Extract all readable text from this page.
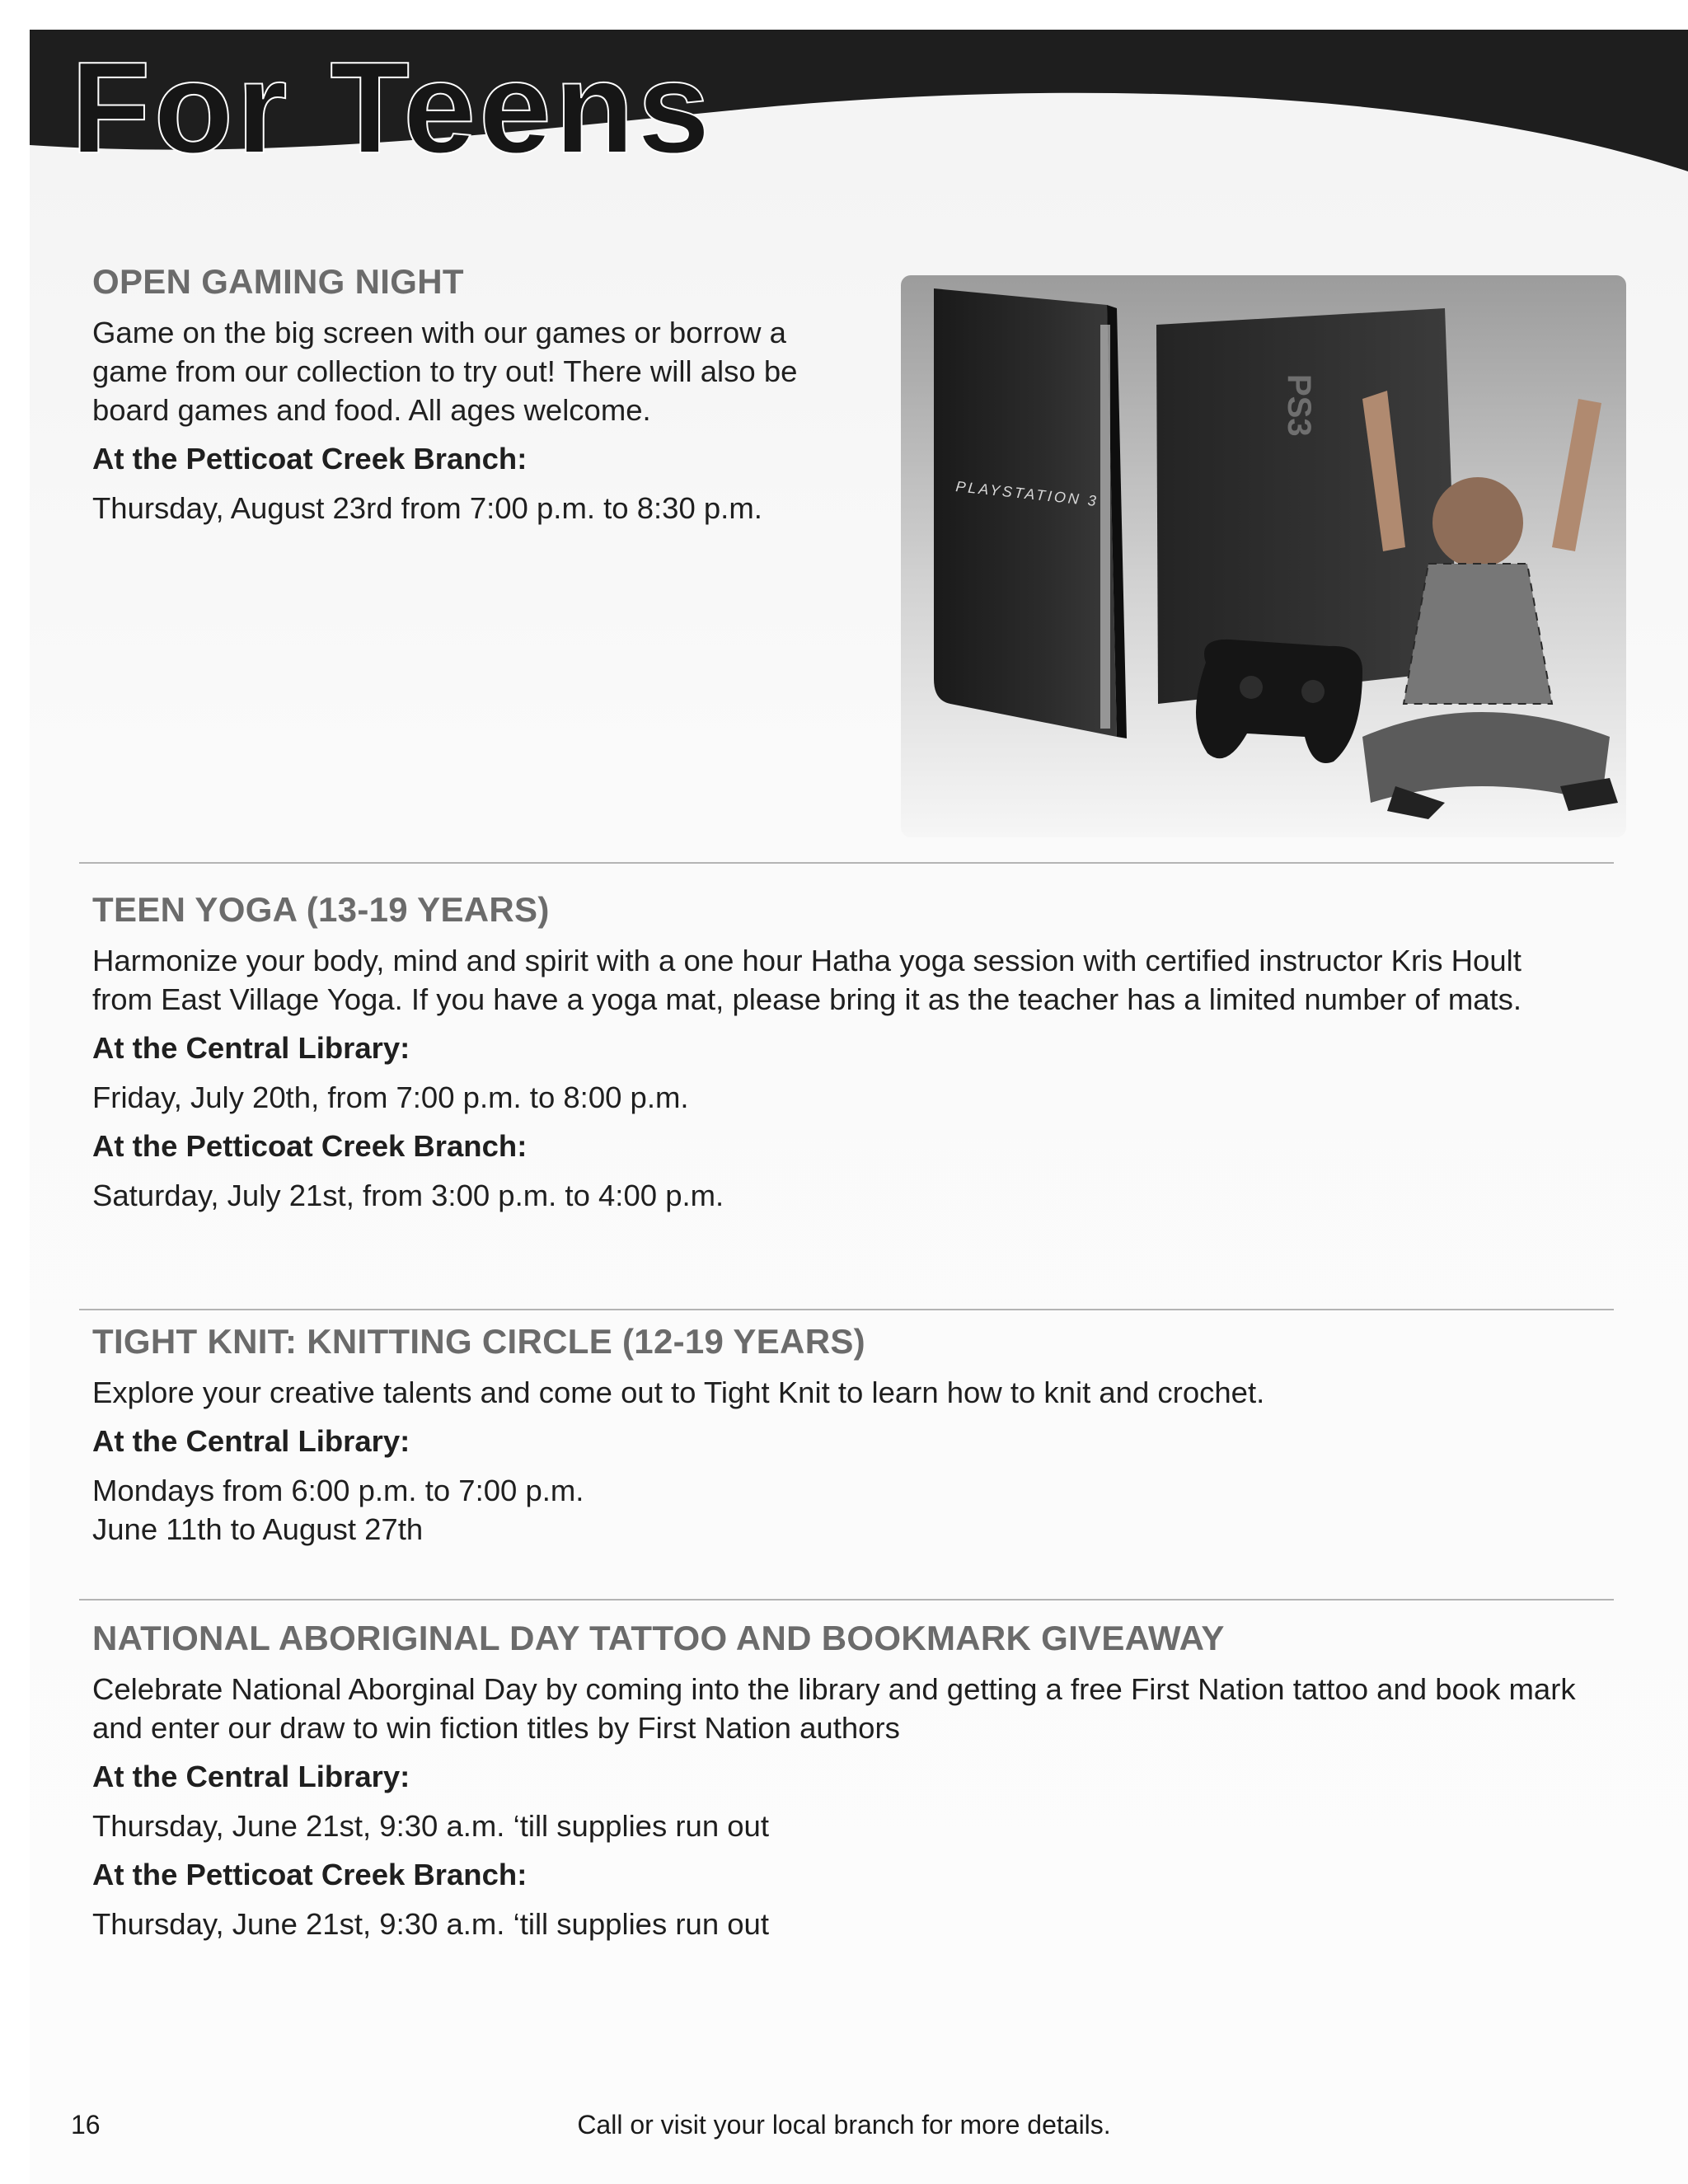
For Teens
OPEN GAMING NIGHT

Game on the big screen with our games or borrow a game from our collection to try out! There will also be board games and food. All ages welcome.

At the Petticoat Creek Branch:

Thursday, August 23rd from 7:00 p.m. to 8:30 p.m.	PLAYSTATION 3
PS3
TEEN YOGA (13-19 YEARS)

Harmonize your body, mind and spirit with a one hour Hatha yoga session with certified instructor Kris Hoult from East Village Yoga. If you have a yoga mat, please bring it as the teacher has a limited number of mats.

At the Central Library:

Friday, July 20th, from 7:00 p.m. to 8:00 p.m.

At the Petticoat Creek Branch:

Saturday, July 21st, from 3:00 p.m. to 4:00 p.m.

TIGHT KNIT: KNITTING CIRCLE (12-19 YEARS)

Explore your creative talents and come out to Tight Knit to learn how to knit and crochet.

At the Central Library:

Mondays from 6:00 p.m. to 7:00 p.m.

June 11th to August 27th

NATIONAL ABORIGINAL DAY TATTOO AND BOOKMARK GIVEAWAY

Celebrate National Aborginal Day by coming into the library and getting a free First Nation tattoo and book mark and enter our draw to win fiction titles by First Nation authors

At the Central Library:

Thursday, June 21st, 9:30 a.m. ‘till supplies run out

At the Petticoat Creek Branch:

Thursday, June 21st, 9:30 a.m. ‘till supplies run out

Call or visit your local branch for more details.

16
